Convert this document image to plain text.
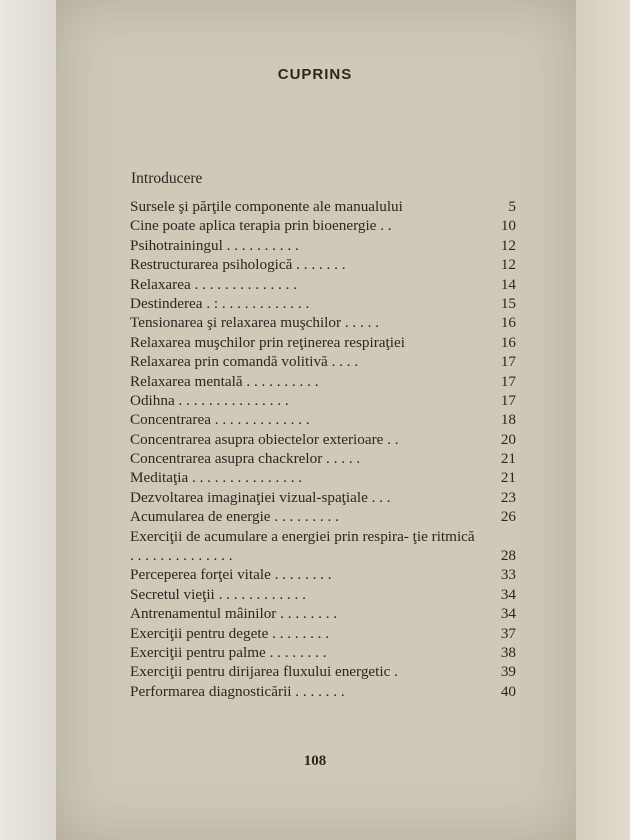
CUPRINS
Introducere
Sursele şi părţile componente ale manualului	5
Cine poate aplica terapia prin bioenergie . .	10
Psihotrainingul . . . . . . . . . .	12
Restructurarea psihologică . . . . . . .	12
Relaxarea . . . . . . . . . . . . . .	14
Destinderea . : . . . . . . . . . . . .	15
Tensionarea şi relaxarea muşchilor . . . . .	16
Relaxarea muşchilor prin reţinerea respiraţiei	16
Relaxarea prin comandă volitivă . . . .	17
Relaxarea mentală . . . . . . . . . .	17
Odihna . . . . . . . . . . . . . . .	17
Concentrarea . . . . . . . . . . . . .	18
Concentrarea asupra obiectelor exterioare . .	20
Concentrarea asupra chackrelor . . . . .	21
Meditaţia . . . . . . . . . . . . . . .	21
Dezvoltarea imaginaţiei vizual-spaţiale . . .	23
Acumularea de energie . . . . . . . . .	26
Exerciţii de acumulare a energiei prin respira- ţie ritmică . . . . . . . . . . . . . .	28
Perceperea forţei vitale . . . . . . . .	33
Secretul vieţii . . . . . . . . . . . .	34
Antrenamentul mâinilor . . . . . . . .	34
Exerciţii pentru degete . . . . . . . .	37
Exerciţii pentru palme . . . . . . . .	38
Exerciţii pentru dirijarea fluxului energetic .	39
Performarea diagnosticării . . . . . . .	40
108
